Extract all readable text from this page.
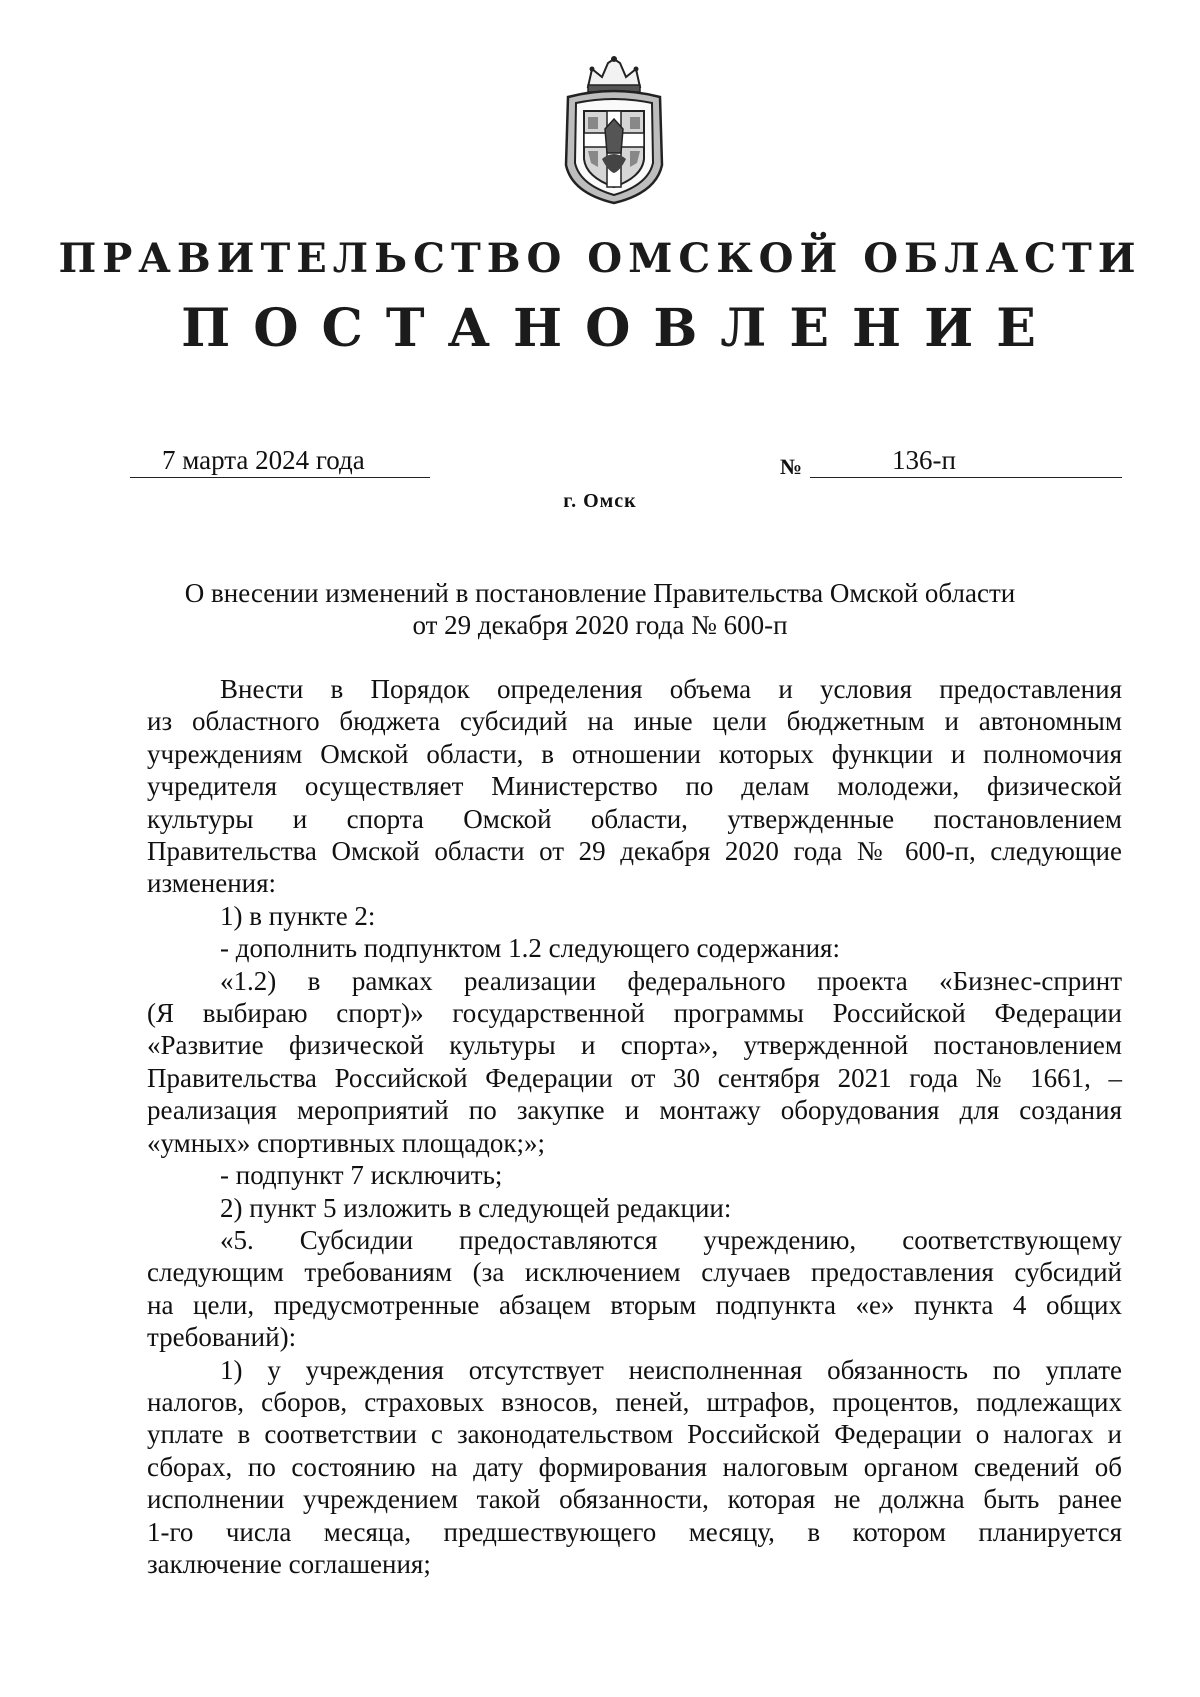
ПРАВИТЕЛЬСТВО ОМСКОЙ ОБЛАСТИ
ПОСТАНОВЛЕНИЕ
7 марта 2024 года	№	136-п
г. Омск
О внесении изменений в постановление Правительства Омской области
от 29 декабря 2020 года № 600-п
Внести в Порядок определения объема и условия предоставления
из областного бюджета субсидий на иные цели бюджетным и автономным
учреждениям Омской области, в отношении которых функции и полномочия
учредителя осуществляет Министерство по делам молодежи, физической
культуры и спорта Омской области, утвержденные постановлением
Правительства Омской области от 29 декабря 2020 года № 600-п, следующие
изменения:
1) в пункте 2:
- дополнить подпунктом 1.2 следующего содержания:
«1.2) в рамках реализации федерального проекта «Бизнес-спринт
(Я выбираю спорт)» государственной программы Российской Федерации
«Развитие физической культуры и спорта», утвержденной постановлением
Правительства Российской Федерации от 30 сентября 2021 года № 1661, –
реализация мероприятий по закупке и монтажу оборудования для создания
«умных» спортивных площадок;»;
- подпункт 7 исключить;
2) пункт 5 изложить в следующей редакции:
«5. Субсидии предоставляются учреждению, соответствующему
следующим требованиям (за исключением случаев предоставления субсидий
на цели, предусмотренные абзацем вторым подпункта «е» пункта 4 общих
требований):
1) у учреждения отсутствует неисполненная обязанность по уплате
налогов, сборов, страховых взносов, пеней, штрафов, процентов, подлежащих
уплате в соответствии с законодательством Российской Федерации о налогах и
сборах, по состоянию на дату формирования налоговым органом сведений об
исполнении учреждением такой обязанности, которая не должна быть ранее
1-го числа месяца, предшествующего месяцу, в котором планируется
заключение соглашения;
